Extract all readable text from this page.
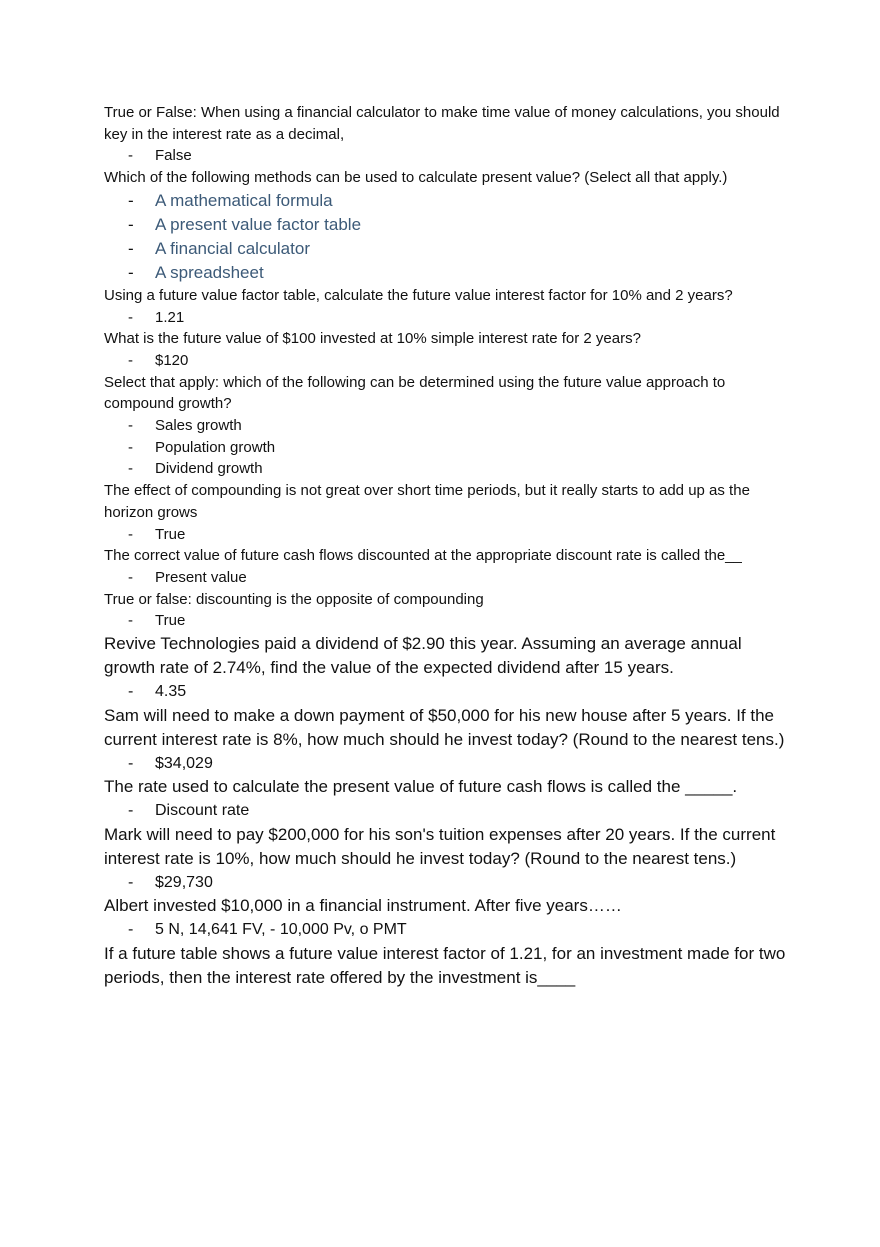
True or False: When using a financial calculator to make time value of money calculations, you should key in the interest rate as a decimal,

- False

Which of the following methods can be used to calculate present value? (Select all that apply.)

- A mathematical formula

- A present value factor table

- A financial calculator

- A spreadsheet

Using a future value factor table, calculate the future value interest factor for 10% and 2 years?

- 1.21

What is the future value of $100 invested at 10% simple interest rate for 2 years?

- $120

Select that apply: which of the following can be determined using the future value approach to compound growth?

- Sales growth

- Population growth

- Dividend growth

The effect of compounding is not great over short time periods, but it really starts to add up as the horizon grows

- True

The correct value of future cash flows discounted at the appropriate discount rate is called the__

- Present value

True or false: discounting is the opposite of compounding

- True

Revive Technologies paid a dividend of $2.90 this year. Assuming an average annual growth rate of 2.74%, find the value of the expected dividend after 15 years.

- 4.35

Sam will need to make a down payment of $50,000 for his new house after 5 years. If the current interest rate is 8%, how much should he invest today? (Round to the nearest tens.)

- $34,029

The rate used to calculate the present value of future cash flows is called the _____.

- Discount rate

Mark will need to pay $200,000 for his son's tuition expenses after 20 years. If the current interest rate is 10%, how much should he invest today? (Round to the nearest tens.)

- $29,730

Albert invested $10,000 in a financial instrument. After five years……

- 5 N, 14,641 FV, - 10,000 Pv, o PMT

If a future table shows a future value interest factor of 1.21, for an investment made for two periods, then the interest rate offered by the investment is____
